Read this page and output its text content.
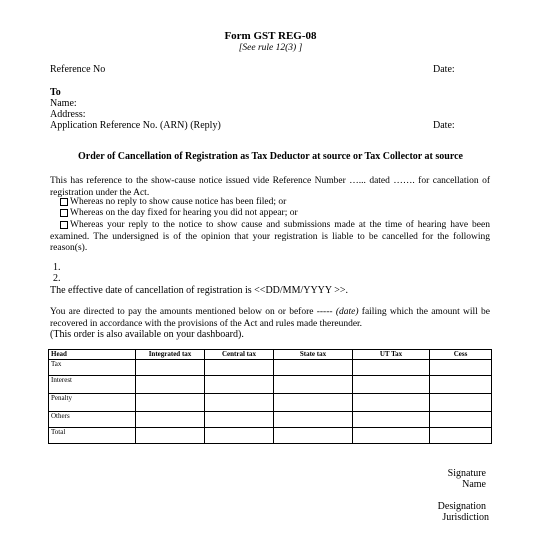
Form GST REG-08
[See rule 12(3) ]
Reference No	Date:
To
Name:
Address:
Application Reference No. (ARN) (Reply)	Date:
Order of Cancellation of Registration as Tax Deductor at source or Tax Collector at source
This has reference to the show-cause notice issued vide Reference Number …... dated ……. for cancellation of registration under the Act.
Whereas no reply to show cause notice has been filed; or
Whereas on the day fixed for hearing you did not appear; or
Whereas your reply to the notice to show cause and submissions made at the time of hearing have been examined. The undersigned is of the opinion that your registration is liable to be cancelled for the following reason(s).
1.
2.
The effective date of cancellation of registration is <<DD/MM/YYYY >>.
You are directed to pay the amounts mentioned below on or before ----- (date) failing which the amount will be recovered in accordance with the provisions of the Act and rules made thereunder.
(This order is also available on your dashboard).
Head	Integrated tax	Central tax	State tax	UT Tax	Cess
Tax					
Interest					
Penalty					
Others					
Total					
Signature
Name
Designation
Jurisdiction
